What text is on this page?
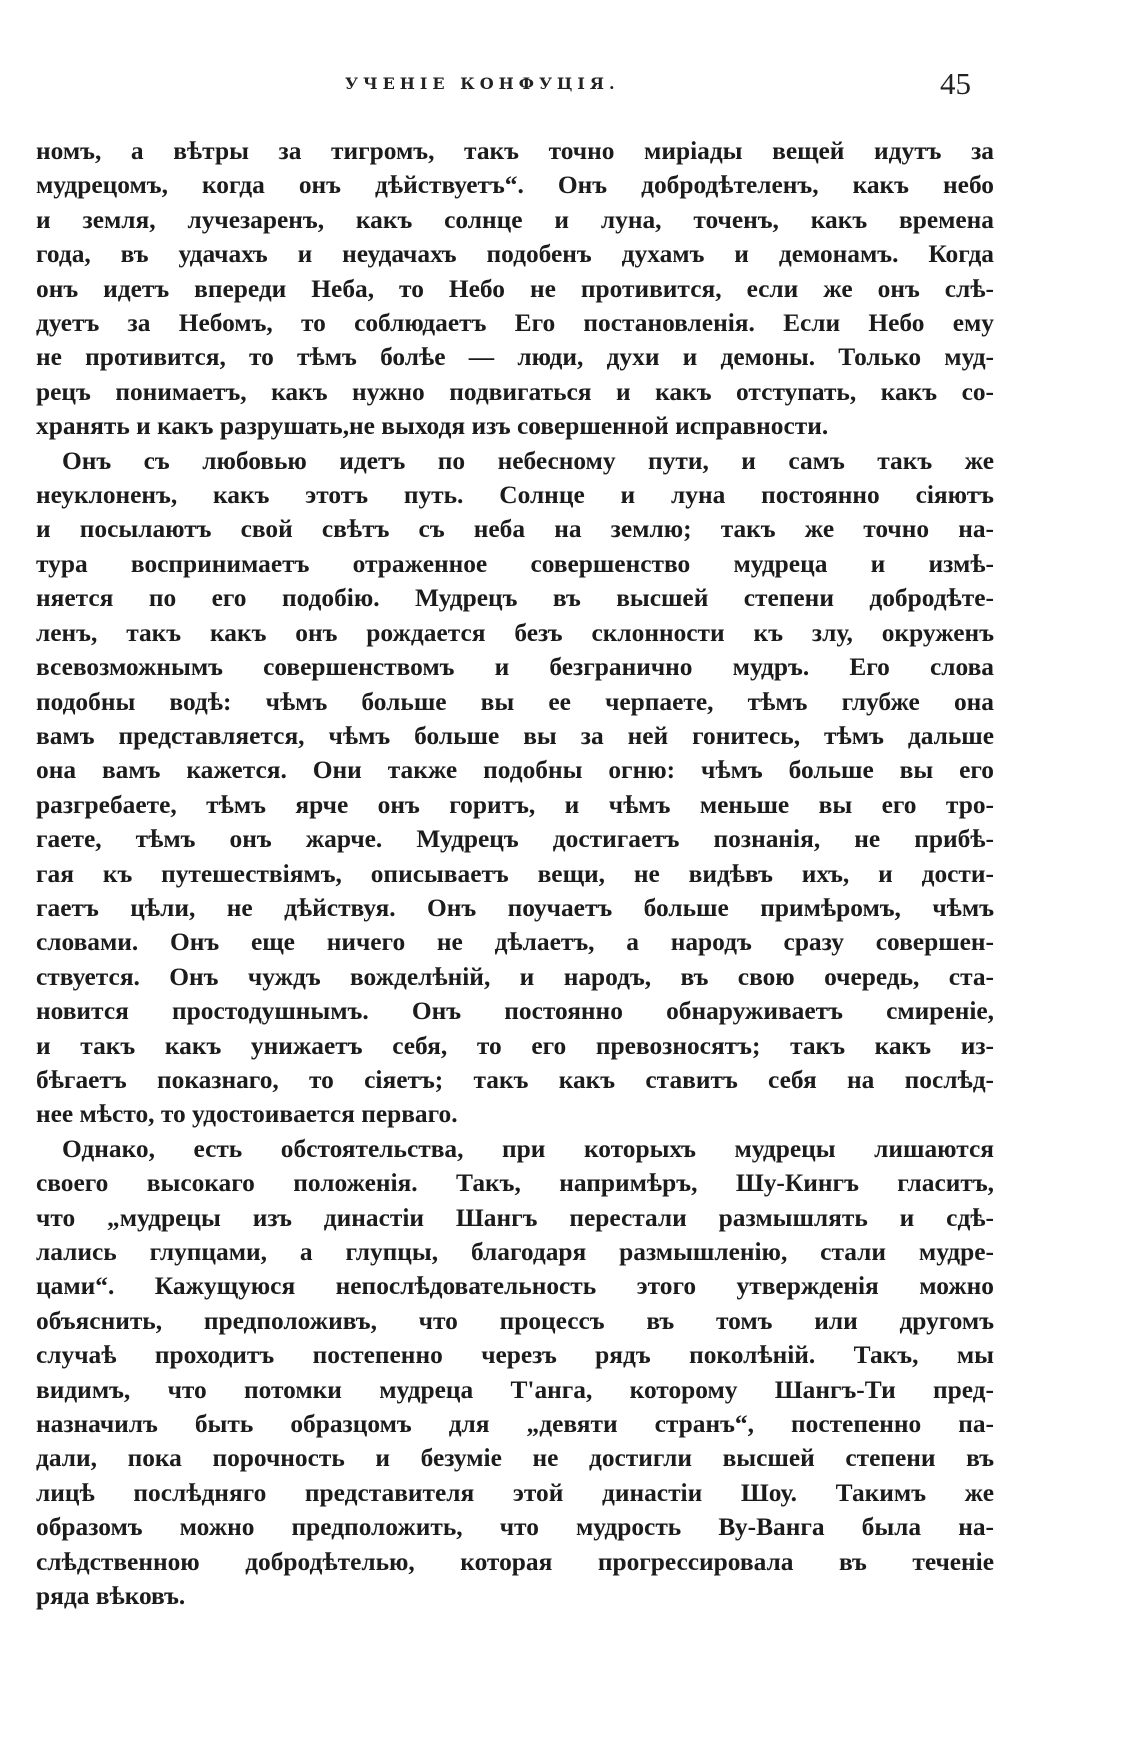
УЧЕНІЕ КОНФУЦІЯ.	45
номъ, а вѣтры за тигромъ, такъ точно миріады вещей идутъ за
мудрецомъ, когда онъ дѣйствуетъ“. Онъ добродѣтеленъ, какъ небо
и земля, лучезаренъ, какъ солнце и луна, точенъ, какъ времена
года, въ удачахъ и неудачахъ подобенъ духамъ и демонамъ. Когда
онъ идетъ впереди Неба, то Небо не противится, если же онъ слѣ-
дуетъ за Небомъ, то соблюдаетъ Его постановленія. Если Небо ему
не противится, то тѣмъ болѣе — люди, духи и демоны. Только муд-
рецъ понимаетъ, какъ нужно подвигаться и какъ отступать, какъ со-
хранять и какъ разрушать,не выходя изъ совершенной исправности.
Онъ съ любовью идетъ по небесному пути, и самъ такъ же
неуклоненъ, какъ этотъ путь. Солнце и луна постоянно сіяютъ
и посылаютъ свой свѣтъ съ неба на землю; такъ же точно на-
тура воспринимаетъ отраженное совершенство мудреца и измѣ-
няется по его подобію. Мудрецъ въ высшей степени добродѣте-
ленъ, такъ какъ онъ рождается безъ склонности къ злу, окруженъ
всевозможнымъ совершенствомъ и безгранично мудръ. Его слова
подобны водѣ: чѣмъ больше вы ее черпаете, тѣмъ глубже она
вамъ представляется, чѣмъ больше вы за ней гонитесь, тѣмъ дальше
она вамъ кажется. Они также подобны огню: чѣмъ больше вы его
разгребаете, тѣмъ ярче онъ горитъ, и чѣмъ меньше вы его тро-
гаете, тѣмъ онъ жарче. Мудрецъ достигаетъ познанія, не прибѣ-
гая къ путешествіямъ, описываетъ вещи, не видѣвъ ихъ, и дости-
гаетъ цѣли, не дѣйствуя. Онъ поучаетъ больше примѣромъ, чѣмъ
словами. Онъ еще ничего не дѣлаетъ, а народъ сразу совершен-
ствуется. Онъ чуждъ вожделѣній, и народъ, въ свою очередь, ста-
новится простодушнымъ. Онъ постоянно обнаруживаетъ смиреніе,
и такъ какъ унижаетъ себя, то его превозносятъ; такъ какъ из-
бѣгаетъ показнаго, то сіяетъ; такъ какъ ставитъ себя на послѣд-
нее мѣсто, то удостоивается перваго.
Однако, есть обстоятельства, при которыхъ мудрецы лишаются
своего высокаго положенія. Такъ, напримѣръ, Шу-Кингъ гласитъ,
что „мудрецы изъ династіи Шангъ перестали размышлять и сдѣ-
лались глупцами, а глупцы, благодаря размышленію, стали мудре-
цами“. Кажущуюся непослѣдовательность этого утвержденія можно
объяснить, предположивъ, что процессъ въ томъ или другомъ
случаѣ проходитъ постепенно черезъ рядъ поколѣній. Такъ, мы
видимъ, что потомки мудреца Т'анга, которому Шангъ-Ти пред-
назначилъ быть образцомъ для „девяти странъ“, постепенно па-
дали, пока порочность и безуміе не достигли высшей степени въ
лицѣ послѣдняго представителя этой династіи Шоу. Такимъ же
образомъ можно предположить, что мудрость Ву-Ванга была на-
слѣдственною добродѣтелью, которая прогрессировала въ теченіе
ряда вѣковъ.
